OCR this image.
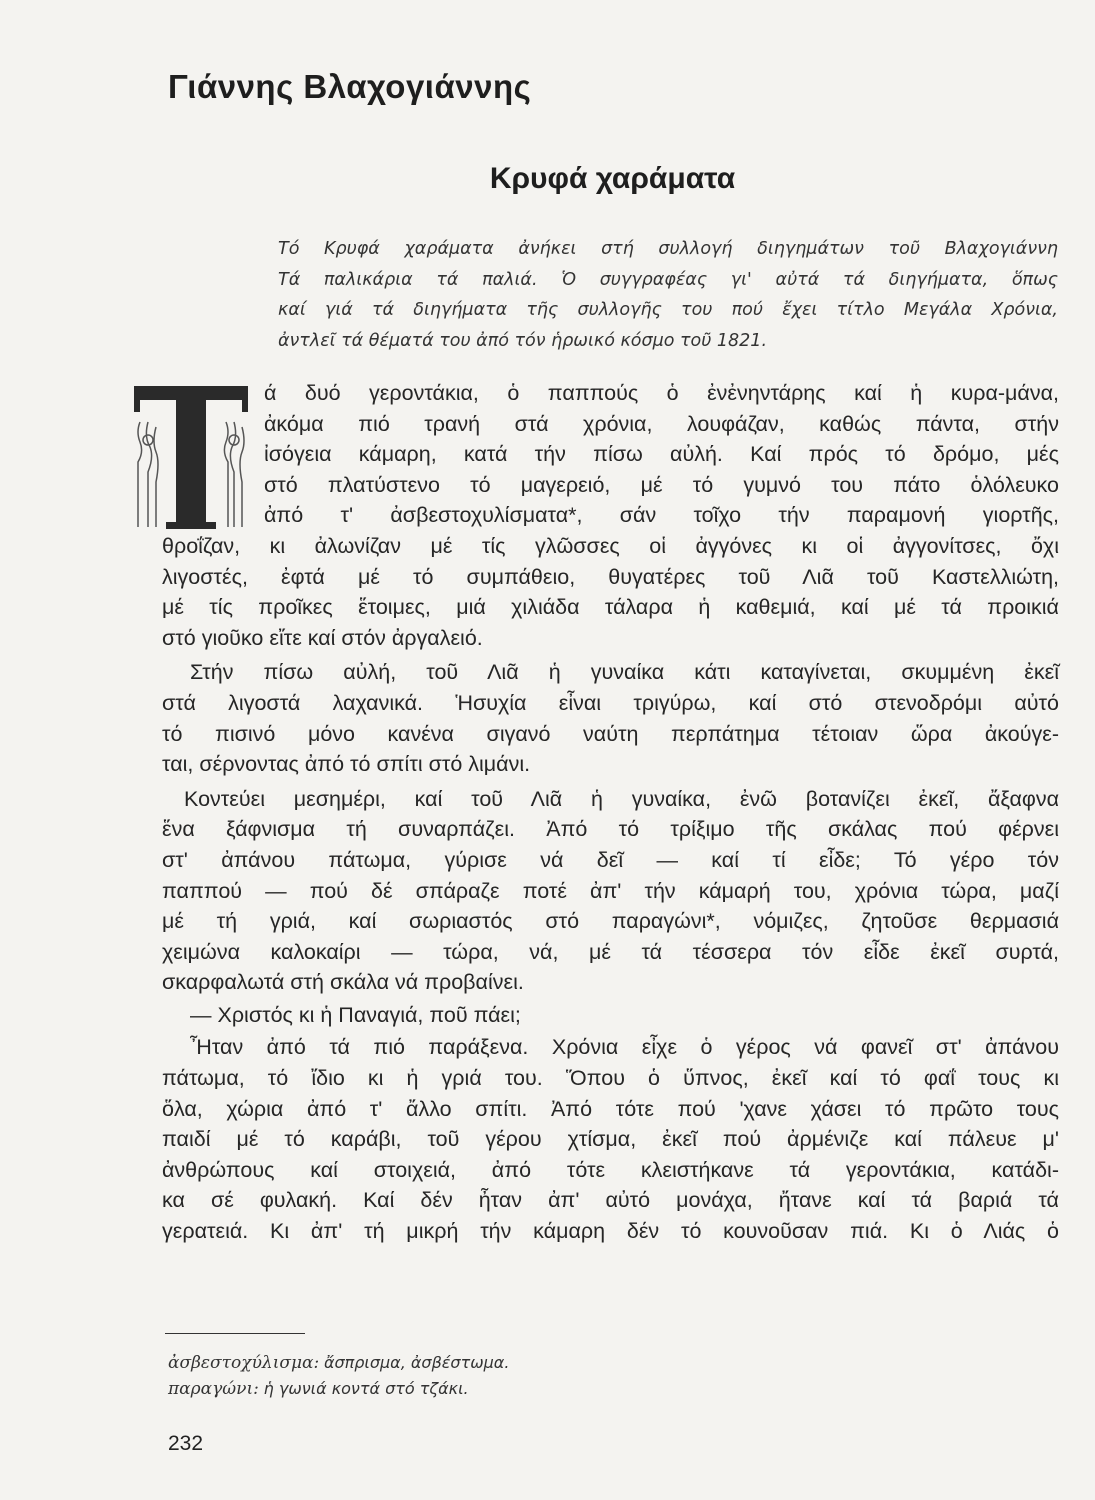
Γιάννης Βλαχογιάννης
Κρυφά χαράματα
Τό Κρυφά χαράματα ἀνήκει στή συλλογή διηγημάτων τοῦ Βλαχογιάννη
Τά παλικάρια τά παλιά. Ὁ συγγραφέας γι' αὐτά τά διηγήματα, ὅπως
καί γιά τά διηγήματα τῆς συλλογῆς του πού ἔχει τίτλο Μεγάλα Χρόνια,
ἀντλεῖ τά θέματά του ἀπό τόν ἡρωικό κόσμο τοῦ 1821.

ά δυό γεροντάκια, ὁ παππούς ὁ ἐνἐνηντάρης καί ἡ κυρα-μάνα,
ἀκόμα πιό τρανή στά χρόνια, λουφάζαν, καθώς πάντα, στήν
ἰσόγεια κάμαρη, κατά τήν πίσω αὐλή. Καί πρός τό δρόμο, μές
στό πλατύστενο τό μαγερειό, μέ τό γυμνό του πάτο ὁλόλευκο
ἀπό τ' ἀσβεστοχυλίσματα*, σάν τοῖχο τήν παραμονή γιορτῆς,
θροΐζαν, κι ἀλωνίζαν μέ τίς γλῶσσες οἱ ἀγγόνες κι οἱ ἀγγονίτσες, ὄχι
λιγοστές, ἐφτά μέ τό συμπάθειο, θυγατέρες τοῦ Λιᾶ τοῦ Καστελλιώτη,
μέ τίς προῖκες ἕτοιμες, μιά χιλιάδα τάλαρα ἡ καθεμιά, καί μέ τά προικιά
στό γιοῦκο εἴτε καί στόν ἀργαλειό.

Στήν πίσω αὐλή, τοῦ Λιᾶ ἡ γυναίκα κάτι καταγίνεται, σκυμμένη ἐκεῖ
στά λιγοστά λαχανικά. Ἡσυχία εἶναι τριγύρω, καί στό στενοδρόμι αὐτό
τό πισινό μόνο κανένα σιγανό ναύτη περπάτημα τέτοιαν ὥρα ἀκούγε-
ται, σέρνοντας ἀπό τό σπίτι στό λιμάνι.

Κοντεύει μεσημέρι, καί τοῦ Λιᾶ ἡ γυναίκα, ἐνῶ βοτανίζει ἐκεῖ, ἄξαφνα
ἕνα ξάφνισμα τή συναρπάζει. Ἀπό τό τρίξιμο τῆς σκάλας πού φέρνει
στ' ἀπάνου πάτωμα, γύρισε νά δεῖ — καί τί εἶδε; Τό γέρο τόν
παππού — πού δέ σπάραζε ποτέ ἀπ' τήν κάμαρή του, χρόνια τώρα, μαζί
μέ τή γριά, καί σωριαστός στό παραγώνι*, νόμιζες, ζητοῦσε θερμασιά
χειμώνα καλοκαίρι — τώρα, νά, μέ τά τέσσερα τόν εἶδε ἐκεῖ συρτά,
σκαρφαλωτά στή σκάλα νά προβαίνει.

— Χριστός κι ἡ Παναγιά, ποῦ πάει;

Ἦταν ἀπό τά πιό παράξενα. Χρόνια εἶχε ὁ γέρος νά φανεῖ στ' ἀπάνου
πάτωμα, τό ἴδιο κι ἡ γριά του. Ὅπου ὁ ὕπνος, ἐκεῖ καί τό φαΐ τους κι
ὅλα, χώρια ἀπό τ' ἄλλο σπίτι. Ἀπό τότε πού 'χανε χάσει τό πρῶτο τους
παιδί μέ τό καράβι, τοῦ γέρου χτίσμα, ἐκεῖ πού ἀρμένιζε καί πάλευε μ'
ἀνθρώπους καί στοιχειά, ἀπό τότε κλειστήκανε τά γεροντάκια, κατάδι-
κα σέ φυλακή. Καί δέν ἦταν ἀπ' αὐτό μονάχα, ἤτανε καί τά βαριά τά
γερατειά. Κι ἀπ' τή μικρή τήν κάμαρη δέν τό κουνοῦσαν πιά. Κι ὁ Λιάς ὁ

ἀσβεστοχύλισμα: ἄσπρισμα, ἀσβέστωμα.
παραγώνι: ἡ γωνιά κοντά στό τζάκι.
232
